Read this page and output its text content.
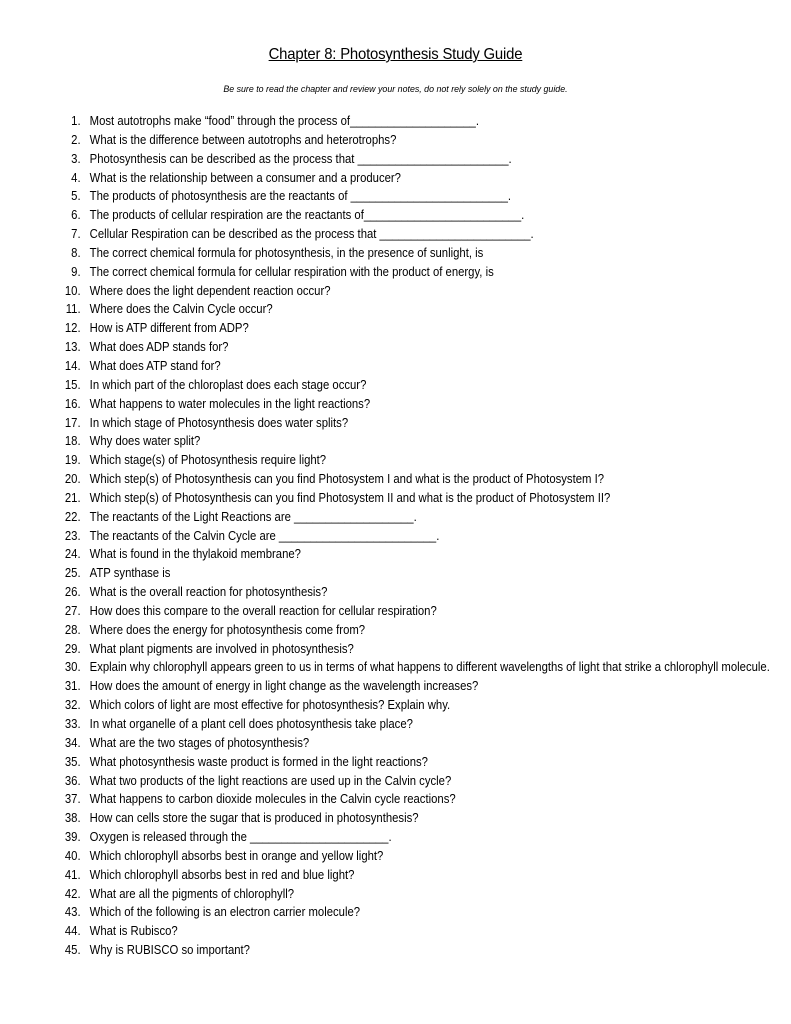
Chapter 8: Photosynthesis Study Guide
Be sure to read the chapter and review your notes, do not rely solely on the study guide.
1. Most autotrophs make “food” through the process of____________________.
2. What is the difference between autotrophs and heterotrophs?
3. Photosynthesis can be described as the process that ________________________.
4. What is the relationship between a consumer and a producer?
5. The products of photosynthesis are the reactants of _________________________.
6. The products of cellular respiration are the reactants of_________________________.
7. Cellular Respiration can be described as the process that ________________________.
8. The correct chemical formula for photosynthesis, in the presence of sunlight, is
9. The correct chemical formula for cellular respiration with the product of energy, is
10. Where does the light dependent reaction occur?
11. Where does the Calvin Cycle occur?
12. How is ATP different from ADP?
13. What does ADP stands for?
14. What does ATP stand for?
15. In which part of the chloroplast does each stage occur?
16. What happens to water molecules in the light reactions?
17. In which stage of Photosynthesis does water splits?
18. Why does water split?
19. Which stage(s) of Photosynthesis require light?
20. Which step(s) of Photosynthesis can you find Photosystem I and what is the product of Photosystem I?
21. Which step(s) of Photosynthesis can you find Photosystem II and what is the product of Photosystem II?
22. The reactants of the Light Reactions are ___________________.
23. The reactants of the Calvin Cycle are _________________________.
24. What is found in the thylakoid membrane?
25. ATP synthase is
26. What is the overall reaction for photosynthesis?
27. How does this compare to the overall reaction for cellular respiration?
28. Where does the energy for photosynthesis come from?
29. What plant pigments are involved in photosynthesis?
30. Explain why chlorophyll appears green to us in terms of what happens to different wavelengths of light that strike a chlorophyll molecule.
31. How does the amount of energy in light change as the wavelength increases?
32. Which colors of light are most effective for photosynthesis? Explain why.
33. In what organelle of a plant cell does photosynthesis take place?
34. What are the two stages of photosynthesis?
35. What photosynthesis waste product is formed in the light reactions?
36. What two products of the light reactions are used up in the Calvin cycle?
37. What happens to carbon dioxide molecules in the Calvin cycle reactions?
38. How can cells store the sugar that is produced in photosynthesis?
39. Oxygen is released through the ______________________.
40. Which chlorophyll absorbs best in orange and yellow light?
41. Which chlorophyll absorbs best in red and blue light?
42. What are all the pigments of chlorophyll?
43. Which of the following is an electron carrier molecule?
44. What is Rubisco?
45. Why is RUBISCO so important?
